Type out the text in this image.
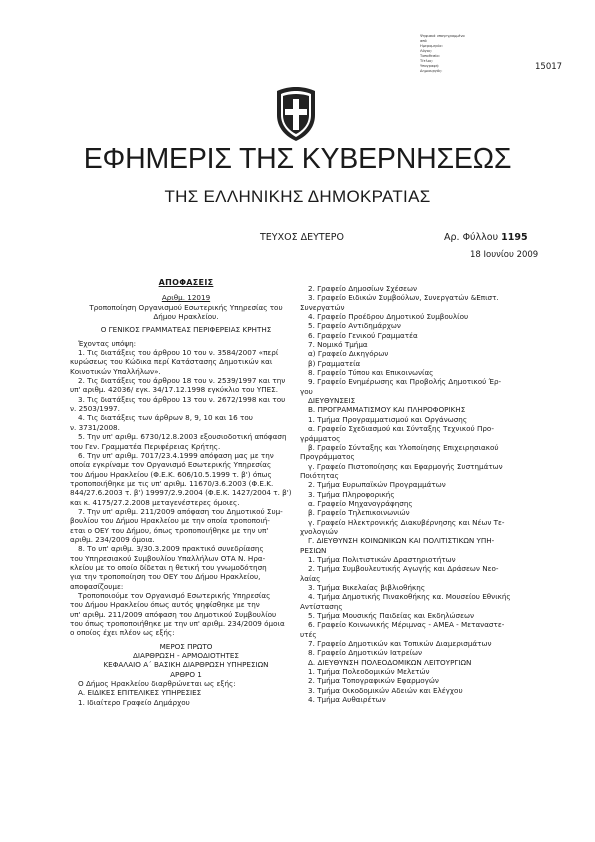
Ψηφιακά υπογεγραμμένο
από
Ημερομηνία:
Λόγος:
Τοποθεσία:
Τίτλος:
Υπογραφή:
Δημιουργός:	15017
ΕΦΗΜΕΡΙΣ ΤΗΣ ΚΥΒΕΡΝΗΣΕΩΣ
ΤΗΣ ΕΛΛΗΝΙΚΗΣ ΔΗΜΟΚΡΑΤΙΑΣ
ΤΕΥΧΟΣ ΔΕΥΤΕΡΟ	Αρ. Φύλλου 1195
18 Ιουνίου 2009
ΑΠΟΦΑΣΕΙΣ
Αριθμ. 12019
Τροποποίηση Οργανισμού Εσωτερικής Υπηρεσίας του
Δήμου Ηρακλείου.
Ο ΓΕΝΙΚΟΣ ΓΡΑΜΜΑΤΕΑΣ ΠΕΡΙΦΕΡΕΙΑΣ ΚΡΗΤΗΣ
Έχοντας υπόψη:
1. Τις διατάξεις του άρθρου 10 του ν. 3584/2007 «περί
κυρώσεως του Κώδικα περί Κατάστασης Δημοτικών και
Κοινοτικών Υπαλλήλων».
2. Τις διατάξεις του άρθρου 18 του ν. 2539/1997 και την
υπ' αριθμ. 42036/ εγκ. 34/17.12.1998 εγκύκλιο του ΥΠΕΣ.
3. Τις διατάξεις του άρθρου 13 του ν. 2672/1998 και του
ν. 2503/1997.
4. Τις διατάξεις των άρθρων 8, 9, 10 και 16 του
ν. 3731/2008.
5. Την υπ' αριθμ. 6730/12.8.2003 εξουσιοδοτική απόφαση
του Γεν. Γραμματέα Περιφέρειας Κρήτης.
6. Την υπ' αριθμ. 7017/23.4.1999 απόφαση μας με την
οποία εγκρίναμε τον Οργανισμό Εσωτερικής Υπηρεσίας
του Δήμου Ηρακλείου (Φ.Ε.Κ. 606/10.5.1999 τ. β') όπως
τροποποιήθηκε με τις υπ' αριθμ. 11670/3.6.2003 (Φ.Ε.Κ.
844/27.6.2003 τ. β') 19997/2.9.2004 (Φ.Ε.Κ. 1427/2004 τ. β')
και κ. 4175/27.2.2008 μεταγενέστερες όμοιες.
7. Την υπ' αριθμ. 211/2009 απόφαση του Δημοτικού Συμ-
βουλίου του Δήμου Ηρακλείου με την οποία τροποποιή-
εται ο ΟΕΥ του Δήμου, όπως τροποποιήθηκε με την υπ'
αριθμ. 234/2009 όμοια.
8. Το υπ' αριθμ. 3/30.3.2009 πρακτικό συνεδρίασης
του Υπηρεσιακού Συμβουλίου Υπαλλήλων ΟΤΑ Ν. Ηρα-
κλείου με το οποίο δίδεται η θετική του γνωμοδότηση
για την τροποποίηση του ΟΕΥ του Δήμου Ηρακλείου,
αποφασίζουμε:
Τροποποιούμε τον Οργανισμό Εσωτερικής Υπηρεσίας
του Δήμου Ηρακλείου όπως αυτός ψηφίσθηκε με την
υπ' αριθμ. 211/2009 απόφαση του Δημοτικού Συμβουλίου
του όπως τροποποιήθηκε με την υπ' αριθμ. 234/2009 όμοια
ο οποίος έχει πλέον ως εξής:
ΜΕΡΟΣ ΠΡΩΤΟ
ΔΙΑΡΘΡΩΣΗ - ΑΡΜΟΔΙΟΤΗΤΕΣ
ΚΕΦΑΛΑΙΟ Α΄ ΒΑΣΙΚΗ ΔΙΑΡΘΡΩΣΗ ΥΠΗΡΕΣΙΩΝ
ΑΡΘΡΟ 1
Ο Δήμος Ηρακλείου διαρθρώνεται ως εξής:
Α. ΕΙΔΙΚΕΣ ΕΠΙΤΕΛΙΚΕΣ ΥΠΗΡΕΣΙΕΣ
1. Ιδιαίτερο Γραφείο Δημάρχου
2. Γραφείο Δημοσίων Σχέσεων
3. Γραφείο Ειδικών Συμβούλων, Συνεργατών &Επιστ.
Συνεργατών
4. Γραφείο Προέδρου Δημοτικού Συμβουλίου
5. Γραφείο Αντιδημάρχων
6. Γραφείο Γενικού Γραμματέα
7. Νομικό Τμήμα
α) Γραφείο Δικηγόρων
β) Γραμματεία
8. Γραφείο Τύπου και Επικοινωνίας
9. Γραφείο Ενημέρωσης και Προβολής Δημοτικού Έρ-
γου
ΔΙΕΥΘΥΝΣΕΙΣ
Β. ΠΡΟΓΡΑΜΜΑΤΙΣΜΟΥ ΚΑΙ ΠΛΗΡΟΦΟΡΙΚΗΣ
1. Τμήμα Προγραμματισμού και Οργάνωσης
α. Γραφείο Σχεδιασμού και Σύνταξης Τεχνικού Προ-
γράμματος
β. Γραφείο Σύνταξης και Υλοποίησης Επιχειρησιακού
Προγράμματος
γ. Γραφείο Πιστοποίησης και Εφαρμογής Συστημάτων
Ποιότητας
2. Τμήμα Ευρωπαϊκών Προγραμμάτων
3. Τμήμα Πληροφορικής
α. Γραφείο Μηχανογράφησης
β. Γραφείο Τηλεπικοινωνιών
γ. Γραφείο Ηλεκτρονικής Διακυβέρνησης και Νέων Τε-
χνολογιών
Γ. ΔΙΕΥΘΥΝΣΗ ΚΟΙΝΩΝΙΚΩΝ ΚΑΙ ΠΟΛΙΤΙΣΤΙΚΩΝ ΥΠΗ-
ΡΕΣΙΩΝ
1. Τμήμα Πολιτιστικών Δραστηριοτήτων
2. Τμήμα Συμβουλευτικής Αγωγής και Δράσεων Νεο-
λαίας
3. Τμήμα Βικελαίας βιβλιοθήκης
4. Τμήμα Δημοτικής Πινακοθήκης κα. Μουσείου Εθνικής
Αντίστασης
5. Τμήμα Μουσικής Παιδείας και Εκδηλώσεων
6. Γραφείο Κοινωνικής Μέριμνας - ΑΜΕΑ - Μεταναστε-
υτές
7. Γραφείο Δημοτικών και Τοπικών Διαμερισμάτων
8. Γραφείο Δημοτικών Ιατρείων
Δ. ΔΙΕΥΘΥΝΣΗ ΠΟΛΕΟΔΟΜΙΚΩΝ ΛΕΙΤΟΥΡΓΙΩΝ
1. Τμήμα Πολεοδομικών Μελετών
2. Τμήμα Τοπογραφικών Εφαρμογών
3. Τμήμα Οικοδομικών Αδειών και Ελέγχου
4. Τμήμα Αυθαιρέτων
